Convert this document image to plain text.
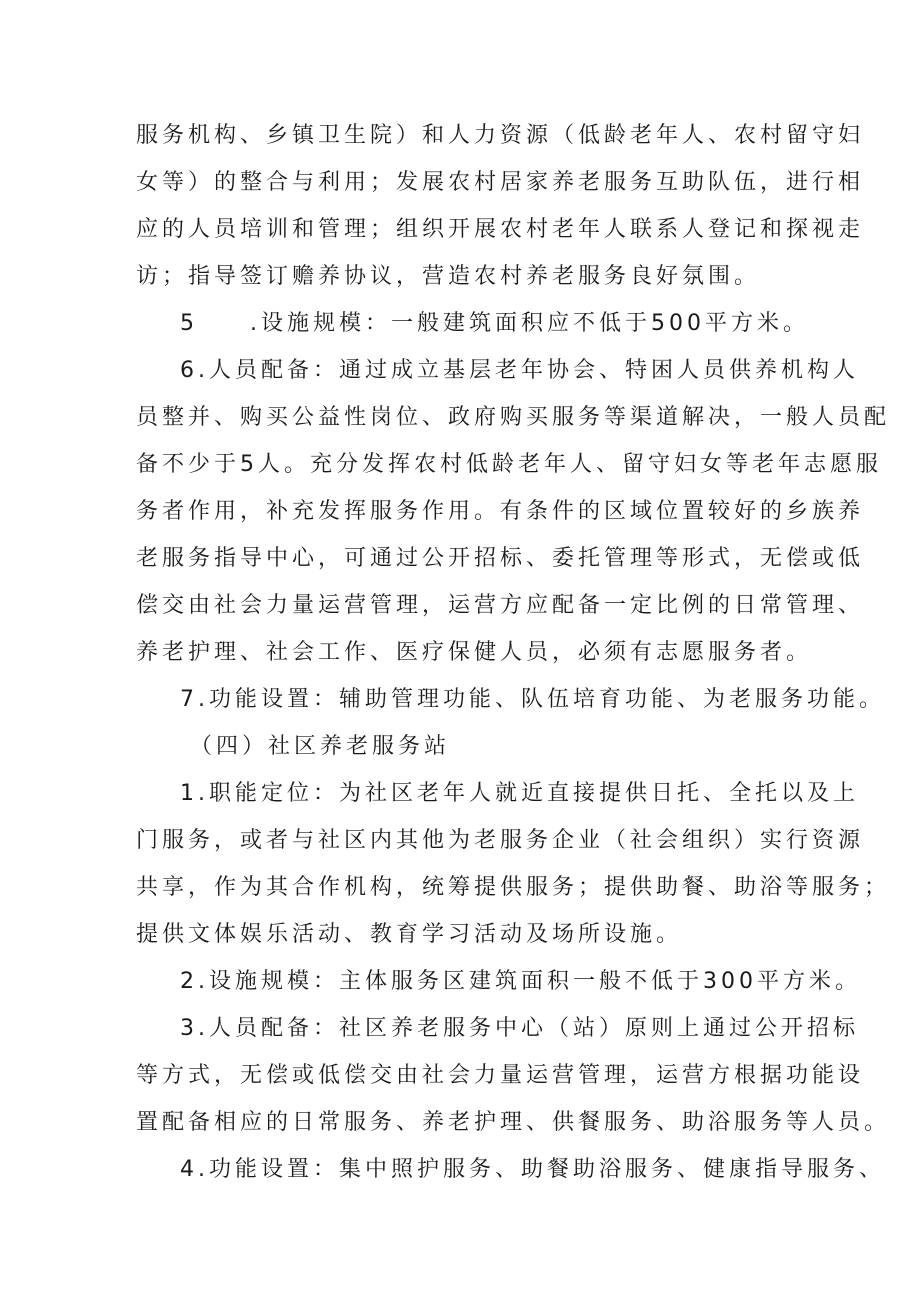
服务机构、乡镇卫生院）和人力资源（低龄老年人、农村留守妇
女等）的整合与利用；发展农村居家养老服务互助队伍，进行相
应的人员培训和管理；组织开展农村老年人联系人登记和探视走
访；指导签订赡养协议，营造农村养老服务良好氛围。
5　　.设施规模：一般建筑面积应不低于500平方米。
6.人员配备：通过成立基层老年协会、特困人员供养机构人
员整并、购买公益性岗位、政府购买服务等渠道解决，一般人员配
备不少于5人。充分发挥农村低龄老年人、留守妇女等老年志愿服
务者作用，补充发挥服务作用。有条件的区域位置较好的乡族养
老服务指导中心，可通过公开招标、委托管理等形式，无偿或低
偿交由社会力量运营管理，运营方应配备一定比例的日常管理、
养老护理、社会工作、医疗保健人员，必须有志愿服务者。
7.功能设置：辅助管理功能、队伍培育功能、为老服务功能。
（四）社区养老服务站
1.职能定位：为社区老年人就近直接提供日托、全托以及上
门服务，或者与社区内其他为老服务企业（社会组织）实行资源
共享，作为其合作机构，统筹提供服务；提供助餐、助浴等服务；
提供文体娱乐活动、教育学习活动及场所设施。
2.设施规模：主体服务区建筑面积一般不低于300平方米。
3.人员配备：社区养老服务中心（站）原则上通过公开招标
等方式，无偿或低偿交由社会力量运营管理，运营方根据功能设
置配备相应的日常服务、养老护理、供餐服务、助浴服务等人员。
4.功能设置：集中照护服务、助餐助浴服务、健康指导服务、
